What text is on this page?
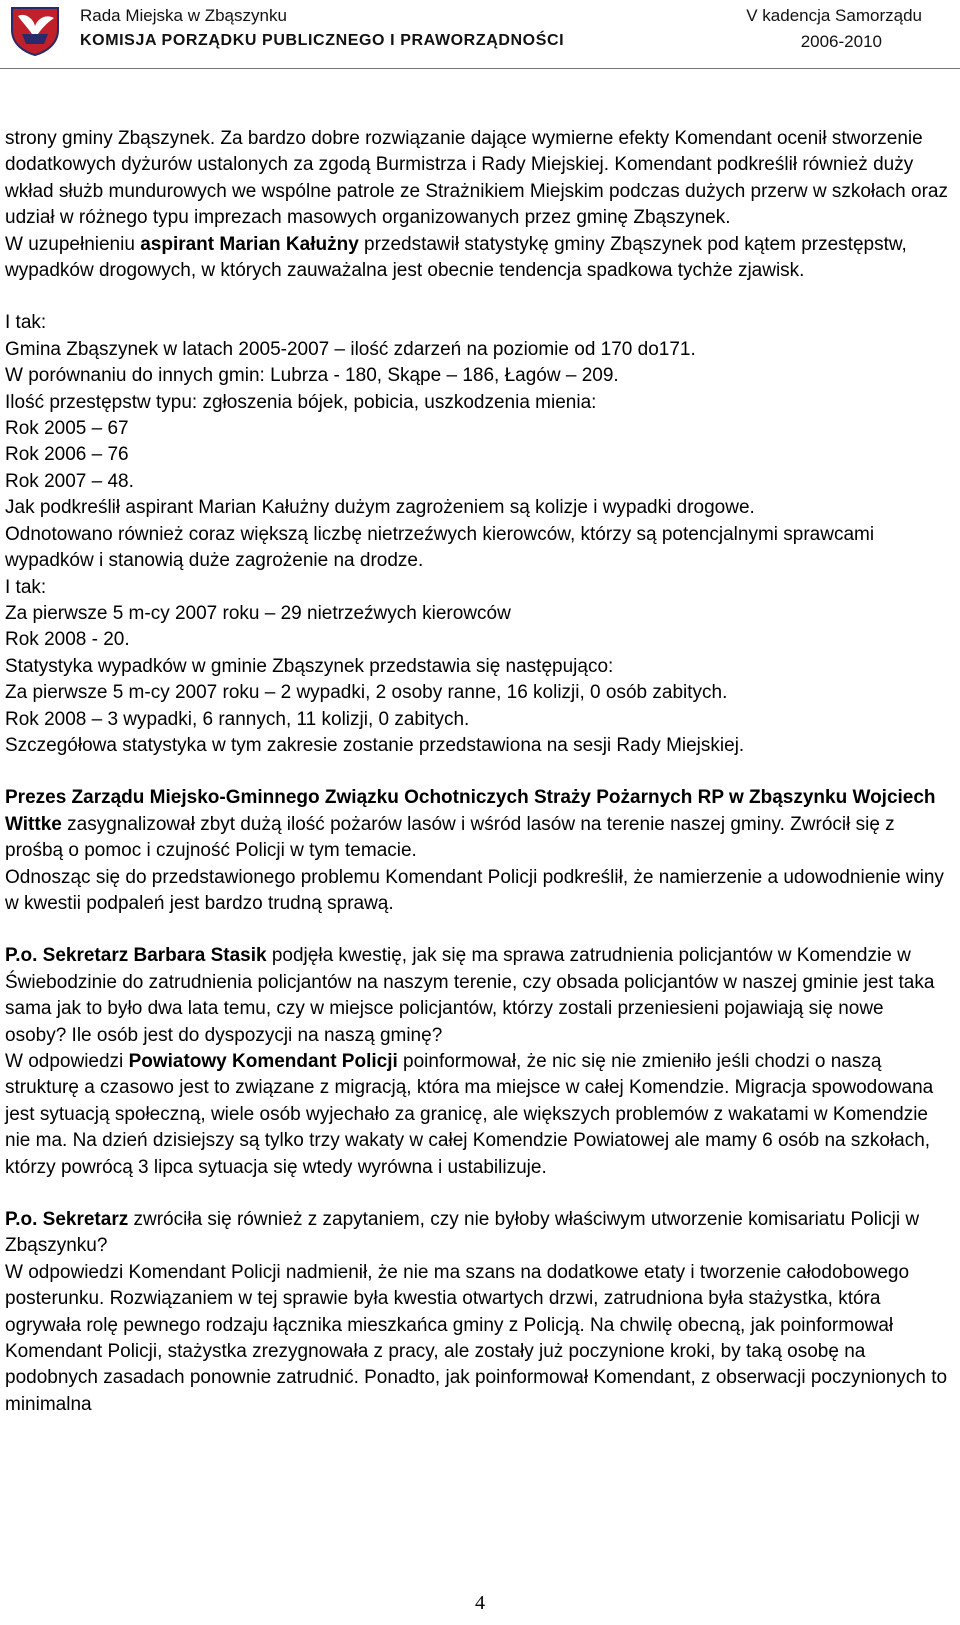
Rada Miejska w Zbąszynku
KOMISJA PORZĄDKU PUBLICZNEGO I PRAWORZĄDNOŚCI
V kadencja Samorządu
2006-2010

strony gminy Zbąszynek. Za bardzo dobre rozwiązanie dające wymierne efekty Komendant ocenił stworzenie dodatkowych dyżurów ustalonych za zgodą Burmistrza i Rady Miejskiej. Komendant podkreślił również duży wkład służb mundurowych we wspólne patrole ze Strażnikiem Miejskim podczas dużych przerw w szkołach oraz udział w różnego typu imprezach masowych organizowanych przez gminę Zbąszynek.

W uzupełnieniu aspirant Marian Kałużny przedstawił statystykę gminy Zbąszynek pod kątem przestępstw, wypadków drogowych, w których zauważalna jest obecnie tendencja spadkowa tychże zjawisk.

I tak:

Gmina Zbąszynek w latach 2005-2007 – ilość zdarzeń na poziomie od 170 do171.

W porównaniu do innych gmin: Lubrza - 180, Skąpe – 186, Łagów – 209.

Ilość przestępstw typu: zgłoszenia bójek, pobicia, uszkodzenia mienia:

Rok 2005 – 67

Rok 2006 – 76

Rok 2007 – 48.

Jak podkreślił aspirant Marian Kałużny dużym zagrożeniem są kolizje i wypadki drogowe.

Odnotowano również coraz większą liczbę nietrzeźwych kierowców, którzy są potencjalnymi sprawcami wypadków i stanowią duże zagrożenie na drodze.

I tak:

Za pierwsze 5 m-cy 2007 roku – 29 nietrzeźwych kierowców

Rok 2008 - 20.

Statystyka wypadków w gminie Zbąszynek przedstawia się następująco:

Za pierwsze 5 m-cy 2007 roku – 2 wypadki, 2 osoby ranne, 16 kolizji, 0 osób zabitych.

Rok 2008 – 3 wypadki, 6 rannych, 11 kolizji, 0 zabitych.

Szczegółowa statystyka w tym zakresie zostanie przedstawiona na sesji Rady Miejskiej.

Prezes Zarządu Miejsko-Gminnego Związku Ochotniczych Straży Pożarnych RP w Zbąszynku Wojciech Wittke zasygnalizował zbyt dużą ilość pożarów lasów i wśród lasów na terenie naszej gminy. Zwrócił się z prośbą o pomoc i czujność Policji w tym temacie.

Odnosząc się do przedstawionego problemu Komendant Policji podkreślił, że namierzenie a udowodnienie winy w kwestii podpaleń jest bardzo trudną sprawą.

P.o. Sekretarz Barbara Stasik podjęła kwestię, jak się ma sprawa zatrudnienia policjantów w Komendzie w Świebodzinie do zatrudnienia policjantów na naszym terenie, czy obsada policjantów w naszej gminie jest taka sama jak to było dwa lata temu, czy w miejsce policjantów, którzy zostali przeniesieni pojawiają się nowe osoby? Ile osób jest do dyspozycji na naszą gminę?

W odpowiedzi Powiatowy Komendant Policji poinformował, że nic się nie zmieniło jeśli chodzi o naszą strukturę a czasowo jest to związane z migracją, która ma miejsce w całej Komendzie. Migracja spowodowana jest sytuacją społeczną, wiele osób wyjechało za granicę, ale większych problemów z wakatami w Komendzie nie ma. Na dzień dzisiejszy są tylko trzy wakaty w całej Komendzie Powiatowej ale mamy 6 osób na szkołach, którzy powrócą 3 lipca sytuacja się wtedy wyrówna i ustabilizuje.

P.o. Sekretarz zwróciła się również z zapytaniem, czy nie byłoby właściwym utworzenie komisariatu Policji w Zbąszynku?

W odpowiedzi Komendant Policji nadmienił, że nie ma szans na dodatkowe etaty i tworzenie całodobowego posterunku. Rozwiązaniem w tej sprawie była kwestia otwartych drzwi, zatrudniona była stażystka, która ogrywała rolę pewnego rodzaju łącznika mieszkańca gminy z Policją. Na chwilę obecną, jak poinformował Komendant Policji, stażystka zrezygnowała z pracy, ale zostały już poczynione kroki, by taką osobę na podobnych zasadach ponownie zatrudnić. Ponadto, jak poinformował Komendant, z obserwacji poczynionych to minimalna

4
